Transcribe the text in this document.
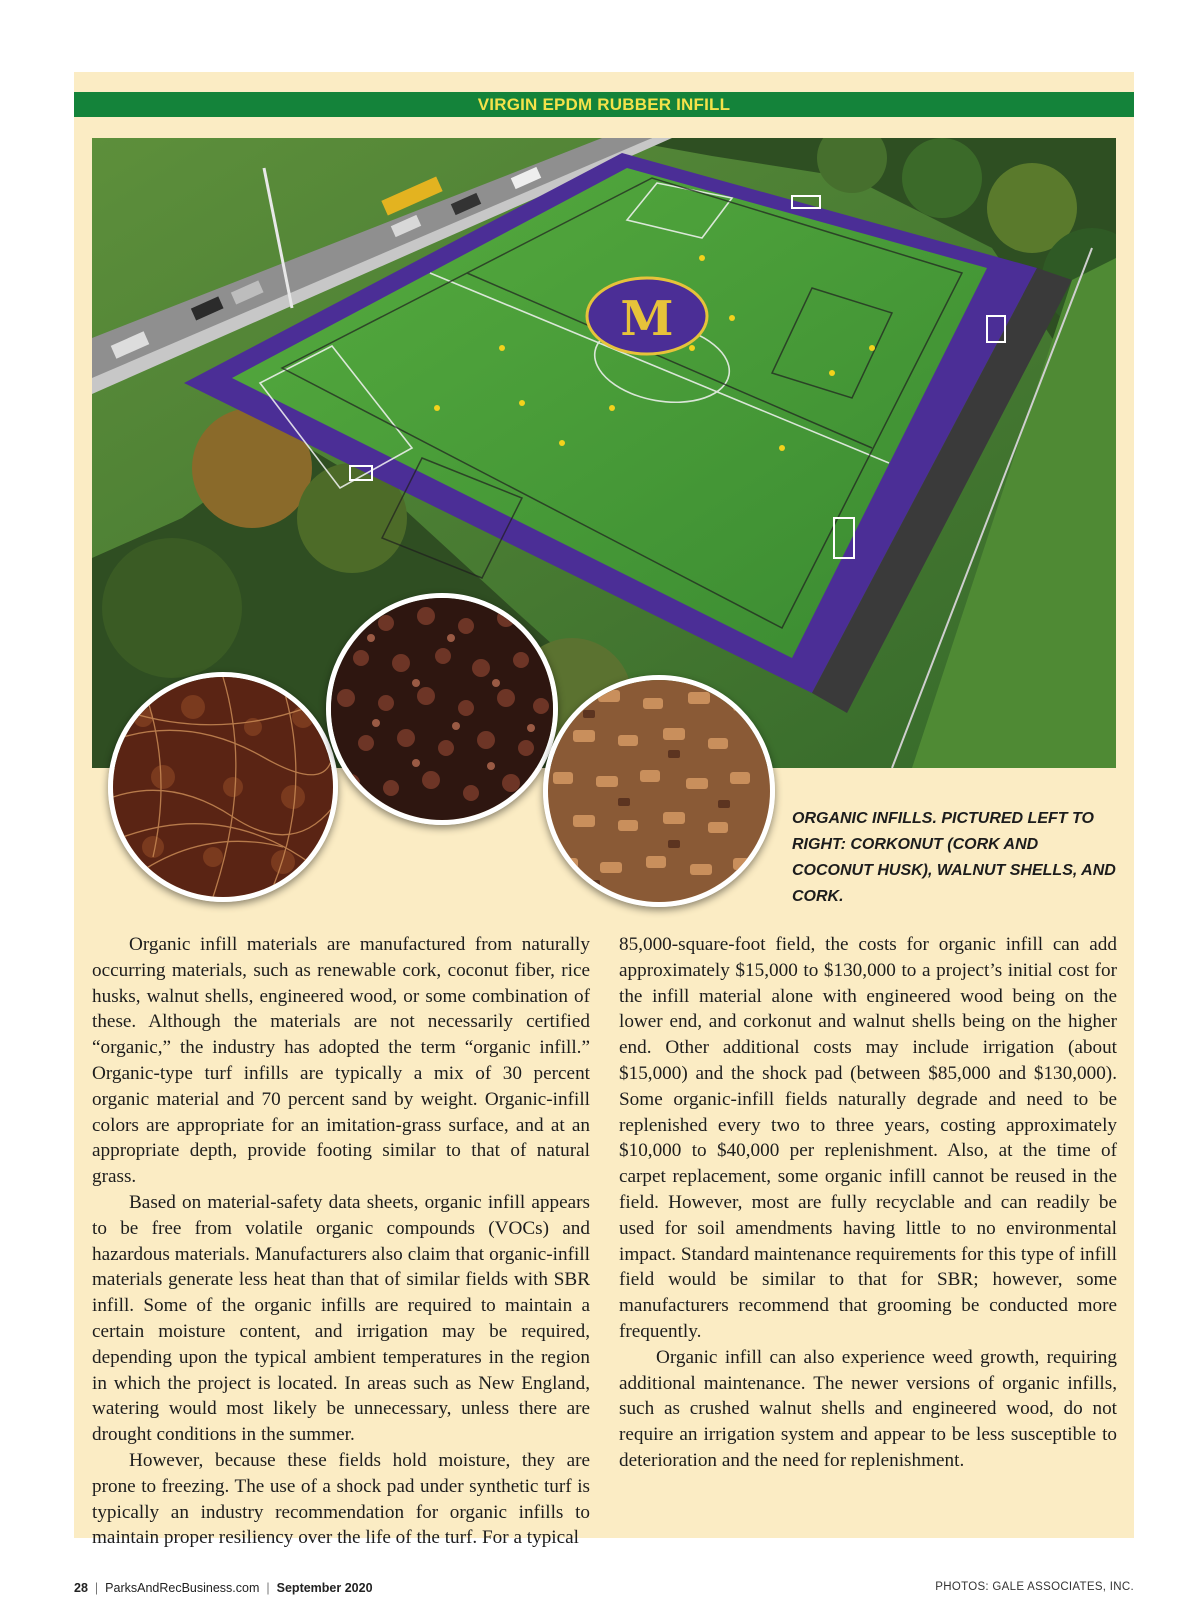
VIRGIN EPDM RUBBER INFILL
M
ORGANIC INFILLS. PICTURED LEFT TO RIGHT: CORKONUT (CORK AND COCONUT HUSK), WALNUT SHELLS, AND CORK.

Organic infill materials are manufactured from naturally occurring materials, such as renewable cork, coconut fiber, rice husks, walnut shells, engineered wood, or some combination of these. Although the materials are not necessarily certified “organic,” the industry has adopted the term “organic infill.” Organic-type turf infills are typically a mix of 30 percent organic material and 70 percent sand by weight. Organic-infill colors are appropriate for an imitation-grass surface, and at an appropriate depth, provide footing similar to that of natural grass.

Based on material-safety data sheets, organic infill appears to be free from volatile organic compounds (VOCs) and hazardous materials. Manufacturers also claim that organic-infill materials generate less heat than that of similar fields with SBR infill. Some of the organic infills are required to maintain a certain moisture content, and irrigation may be required, depending upon the typical ambient temperatures in the region in which the project is located. In areas such as New England, watering would most likely be unnecessary, unless there are drought conditions in the summer.

However, because these fields hold moisture, they are prone to freezing. The use of a shock pad under synthetic turf is typically an industry recommendation for organic infills to maintain proper resiliency over the life of the turf. For a typical

85,000-square-foot field, the costs for organic infill can add approximately $15,000 to $130,000 to a project’s initial cost for the infill material alone with engineered wood being on the lower end, and corkonut and walnut shells being on the higher end. Other additional costs may include irrigation (about $15,000) and the shock pad (between $85,000 and $130,000). Some organic-infill fields naturally degrade and need to be replenished every two to three years, costing approximately $10,000 to $40,000 per replenishment. Also, at the time of carpet replacement, some organic infill cannot be reused in the field. However, most are fully recyclable and can readily be used for soil amendments having little to no environmental impact. Standard maintenance requirements for this type of infill field would be similar to that for SBR; however, some manufacturers recommend that grooming be conducted more frequently.

Organic infill can also experience weed growth, requiring additional maintenance. The newer versions of organic infills, such as crushed walnut shells and engineered wood, do not require an irrigation system and appear to be less susceptible to deterioration and the need for replenishment.

28 | ParksAndRecBusiness.com | September 2020	PHOTOS: GALE ASSOCIATES, INC.
